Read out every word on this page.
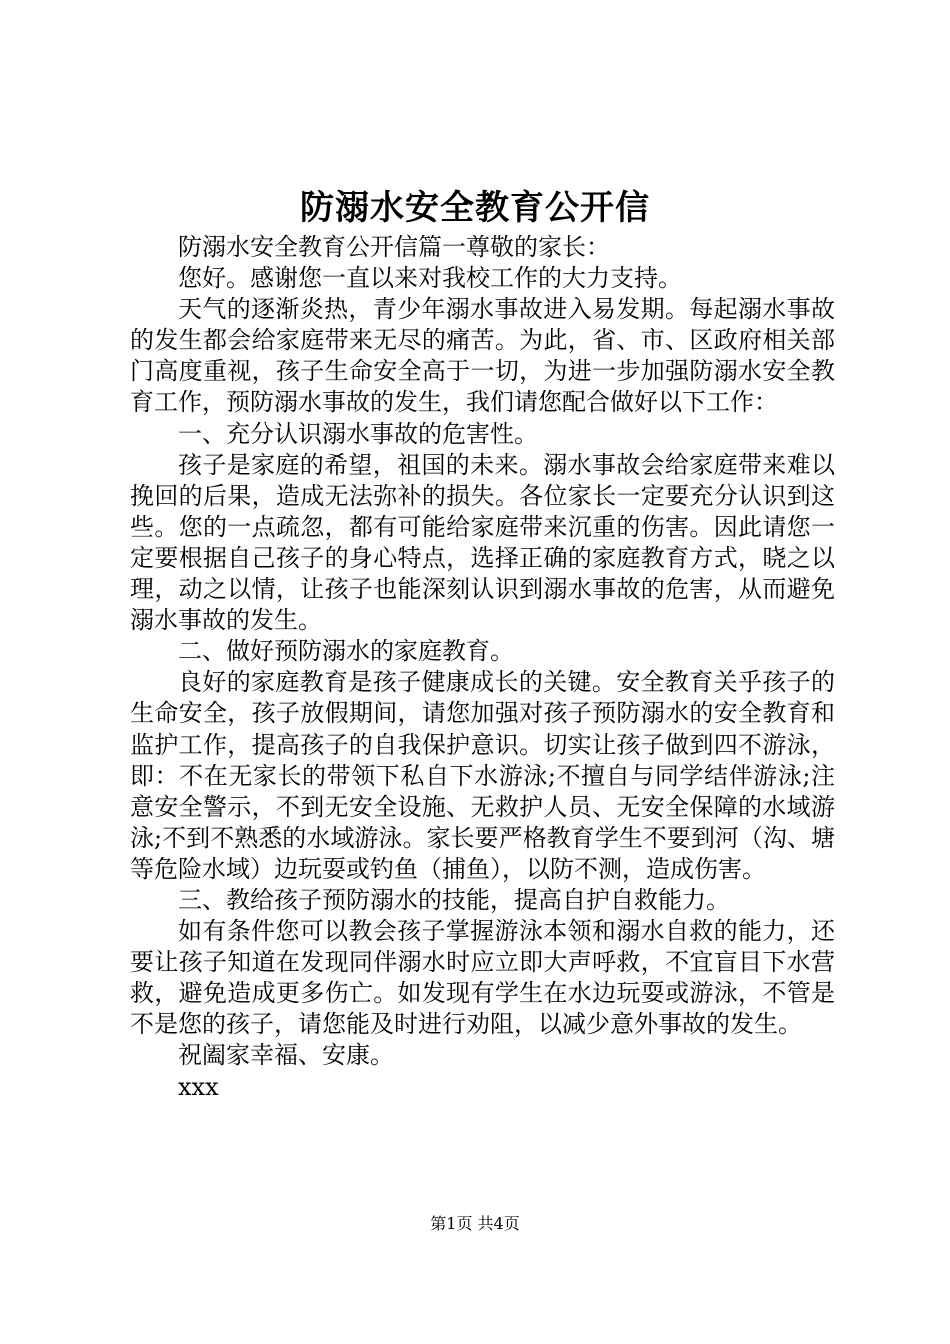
防溺水安全教育公开信

防溺水安全教育公开信篇一尊敬的家长：

您好。感谢您一直以来对我校工作的大力支持。

天气的逐渐炎热，青少年溺水事故进入易发期。每起溺水事故的发生都会给家庭带来无尽的痛苦。为此，省、市、区政府相关部门高度重视，孩子生命安全高于一切，为进一步加强防溺水安全教育工作，预防溺水事故的发生，我们请您配合做好以下工作：

一、充分认识溺水事故的危害性。

孩子是家庭的希望，祖国的未来。溺水事故会给家庭带来难以挽回的后果，造成无法弥补的损失。各位家长一定要充分认识到这些。您的一点疏忽，都有可能给家庭带来沉重的伤害。因此请您一定要根据自己孩子的身心特点，选择正确的家庭教育方式，晓之以理，动之以情，让孩子也能深刻认识到溺水事故的危害，从而避免溺水事故的发生。

二、做好预防溺水的家庭教育。

良好的家庭教育是孩子健康成长的关键。安全教育关乎孩子的生命安全，孩子放假期间，请您加强对孩子预防溺水的安全教育和监护工作，提高孩子的自我保护意识。切实让孩子做到四不游泳，即：不在无家长的带领下私自下水游泳;不擅自与同学结伴游泳;注意安全警示，不到无安全设施、无救护人员、无安全保障的水域游泳;不到不熟悉的水域游泳。家长要严格教育学生不要到河（沟、塘等危险水域）边玩耍或钓鱼（捕鱼），以防不测，造成伤害。

三、教给孩子预防溺水的技能，提高自护自救能力。

如有条件您可以教会孩子掌握游泳本领和溺水自救的能力，还要让孩子知道在发现同伴溺水时应立即大声呼救，不宜盲目下水营救，避免造成更多伤亡。如发现有学生在水边玩耍或游泳，不管是不是您的孩子，请您能及时进行劝阻，以减少意外事故的发生。

祝阖家幸福、安康。

xxx

第1页 共4页
